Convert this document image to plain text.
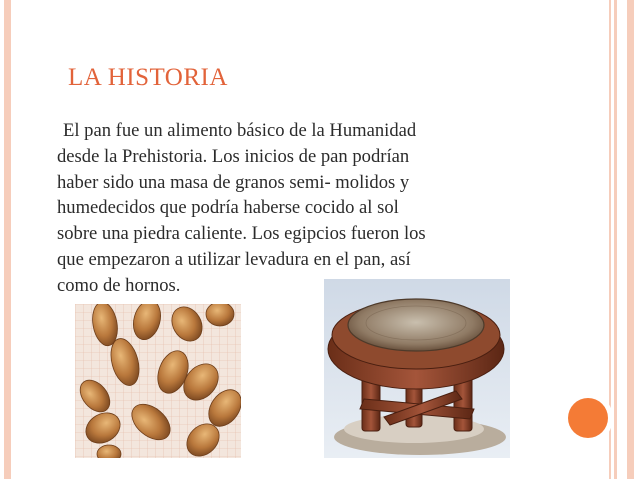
LA HISTORIA
El pan fue un alimento básico de la Humanidad
desde la Prehistoria. Los inicios de pan podrían
haber sido una masa de granos semi- molidos y
humedecidos que podría haberse cocido al sol
sobre una piedra caliente. Los egipcios fueron los
que empezaron a utilizar levadura en el pan, así
como de hornos.
